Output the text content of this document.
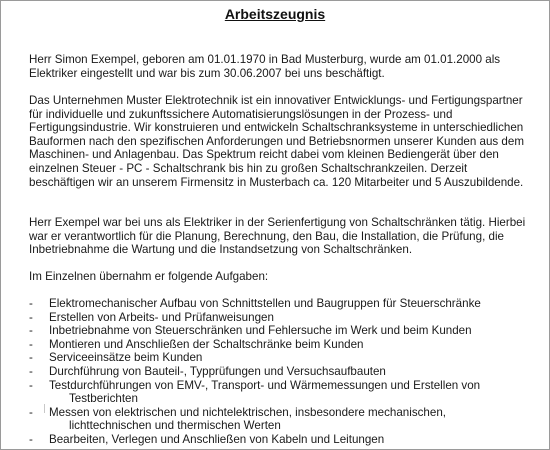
Arbeitszeugnis

Herr Simon Exempel, geboren am 01.01.1970 in Bad Musterburg, wurde am 01.01.2000 als Elektriker eingestellt und war bis zum 30.06.2007 bei uns beschäftigt.

Das Unternehmen Muster Elektrotechnik ist ein innovativer Entwicklungs- und Fertigungspartner für individuelle und zukunftssichere Automatisierungslösungen in der Prozess- und Fertigungsindustrie. Wir konstruieren und entwickeln Schaltschranksysteme in unterschiedlichen Bauformen nach den spezifischen Anforderungen und Betriebsnormen unserer Kunden aus dem Maschinen- und Anlagenbau. Das Spektrum reicht dabei vom kleinen Bediengerät über den einzelnen Steuer - PC - Schaltschrank bis hin zu großen Schaltschrankzeilen. Derzeit beschäftigen wir an unserem Firmensitz in Musterbach ca. 120 Mitarbeiter und 5 Auszubildende.

Herr Exempel war bei uns als Elektriker in der Serienfertigung von Schaltschränken tätig. Hierbei war er verantwortlich für die Planung, Berechnung, den Bau, die Installation, die Prüfung, die Inbetriebnahme die Wartung und die Instandsetzung von Schaltschränken.

Im Einzelnen übernahm er folgende Aufgaben:

- Elektromechanischer Aufbau von Schnittstellen und Baugruppen für Steuerschränke
- Erstellen von Arbeits- und Prüfanweisungen
- Inbetriebnahme von Steuerschränken und Fehlersuche im Werk und beim Kunden
- Montieren und Anschließen der Schaltschränke beim Kunden
- Serviceeinsätze beim Kunden
- Durchführung von Bauteil-, Typprüfungen und Versuchsaufbauten
- Testdurchführungen von EMV-, Transport- und Wärmemessungen und Erstellen von
Testberichten
- Messen von elektrischen und nichtelektrischen, insbesondere mechanischen,
lichttechnischen und thermischen Werten
- Bearbeiten, Verlegen und Anschließen von Kabeln und Leitungen
